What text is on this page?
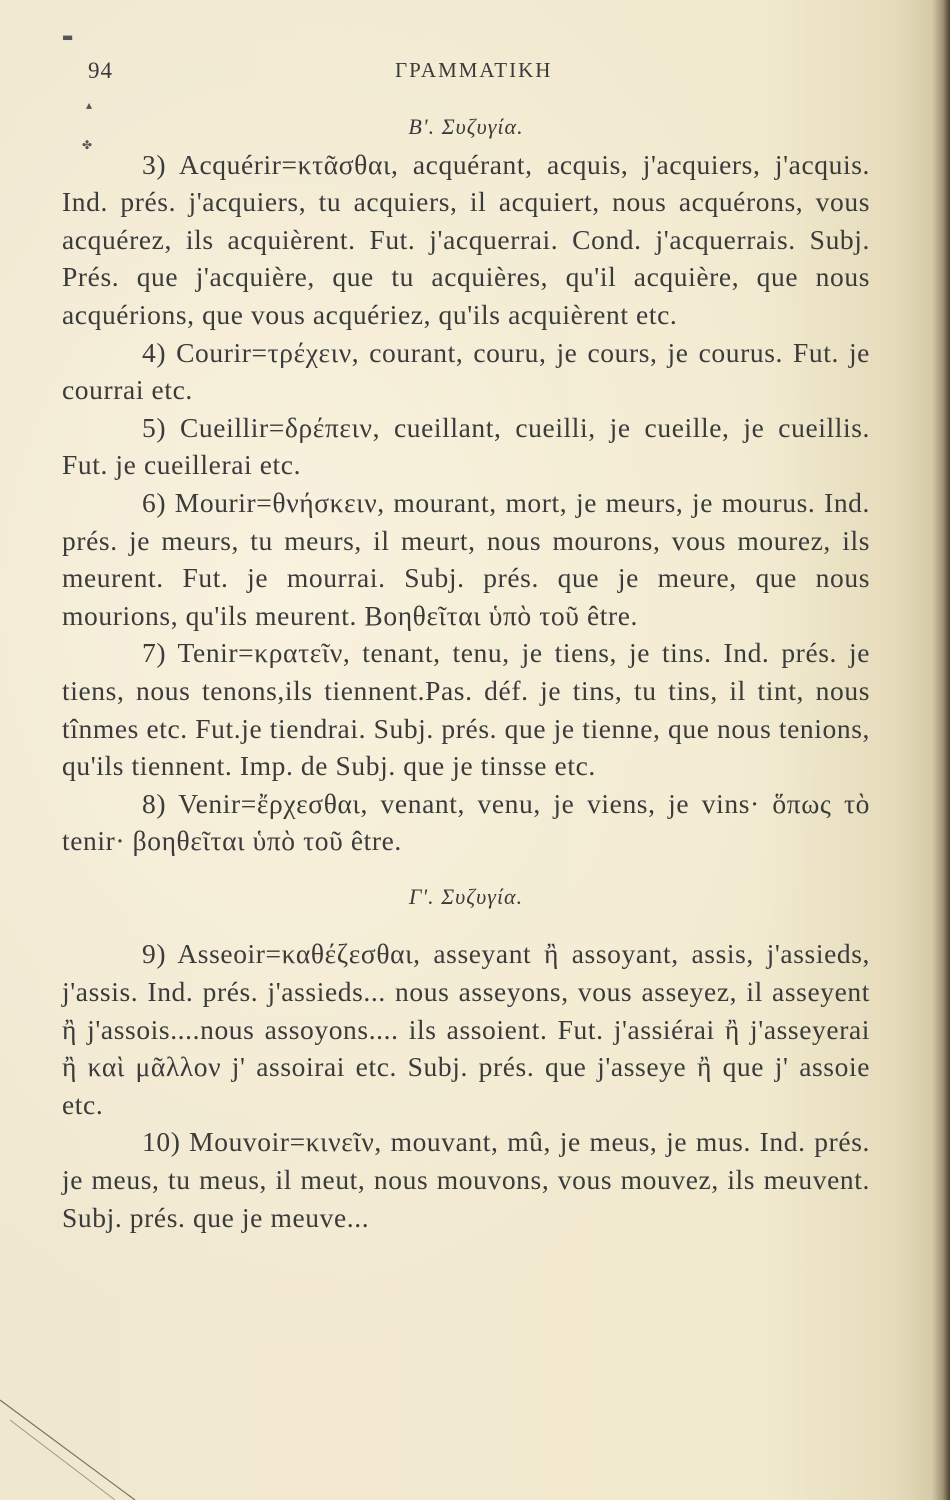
94	ΓΡΑΜΜΑΤΙΚΗ
▬
▴
✤

Β'. Συζυγία.

3) Acquérir=κτᾶσθαι, acquérant, acquis, j'acquiers, j'acquis. Ind. prés. j'acquiers, tu acquiers, il acquiert, nous acquérons, vous acquérez, ils acquièrent. Fut. j'acquerrai. Cond. j'acquerrais. Subj. Prés. que j'acquière, que tu acquières, qu'il acquière, que nous acquérions, que vous acquériez, qu'ils acquièrent etc.

4) Courir=τρέχειν, courant, couru, je cours, je courus. Fut. je courrai etc.

5) Cueillir=δρέπειν, cueillant, cueilli, je cueille, je cueillis. Fut. je cueillerai etc.

6) Mourir=θνήσκειν, mourant, mort, je meurs, je mourus. Ind. prés. je meurs, tu meurs, il meurt, nous mourons, vous mourez, ils meurent. Fut. je mourrai. Subj. prés. que je meure, que nous mourions, qu'ils meurent. Βοηθεῖται ὑπὸ τοῦ être.

7) Tenir=κρατεῖν, tenant, tenu, je tiens, je tins. Ind. prés. je tiens, nous tenons,ils tiennent.Pas. déf. je tins, tu tins, il tint, nous tînmes etc. Fut.je tiendrai. Subj. prés. que je tienne, que nous tenions, qu'ils tiennent. Imp. de Subj. que je tinsse etc.

8) Venir=ἔρχεσθαι, venant, venu, je viens, je vins· ὅπως τὸ tenir· βοηθεῖται ὑπὸ τοῦ être.

Γ'. Συζυγία.

9) Asseoir=καθέζεσθαι, asseyant ἢ assoyant, assis, j'assieds, j'assis. Ind. prés. j'assieds... nous asseyons, vous asseyez, il asseyent ἢ j'assois....nous assoyons.... ils assoient. Fut. j'assiérai ἢ j'asseyerai ἢ καὶ μᾶλλον j' assoirai etc. Subj. prés. que j'asseye ἢ que j' assoie etc.

10) Mouvoir=κινεῖν, mouvant, mû, je meus, je mus. Ind. prés. je meus, tu meus, il meut, nous mouvons, vous mouvez, ils meuvent. Subj. prés. que je meuve...
